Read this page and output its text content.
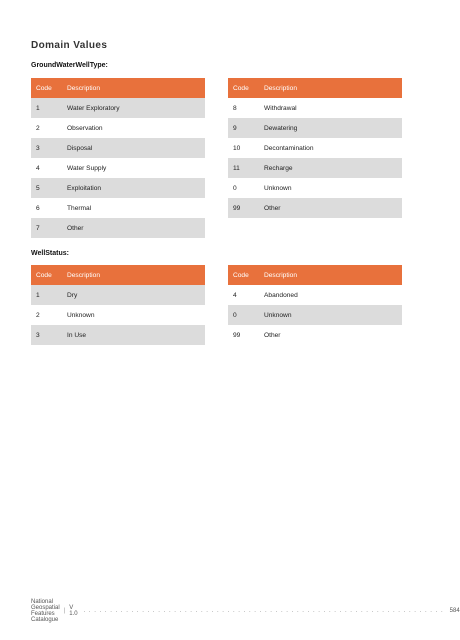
Domain Values
GroundWaterWellType:
Code	Description
1	Water Exploratory
2	Observation
3	Disposal
4	Water Supply
5	Exploitation
6	Thermal
7	Other
Code	Description
8	Withdrawal
9	Dewatering
10	Decontamination
11	Recharge
0	Unknown
99	Other
WellStatus:
Code	Description
1	Dry
2	Unknown
3	In Use
Code	Description
4	Abandoned
0	Unknown
99	Other
National Geospatial Features Catalogue
| V 1.0 . . . . . . . . . . . . . . . . . . . . . . . . . . . . . . . . . . . . . . . . . . . . . . . . . . . . . . . . . . . . . . . . . . . . 584
